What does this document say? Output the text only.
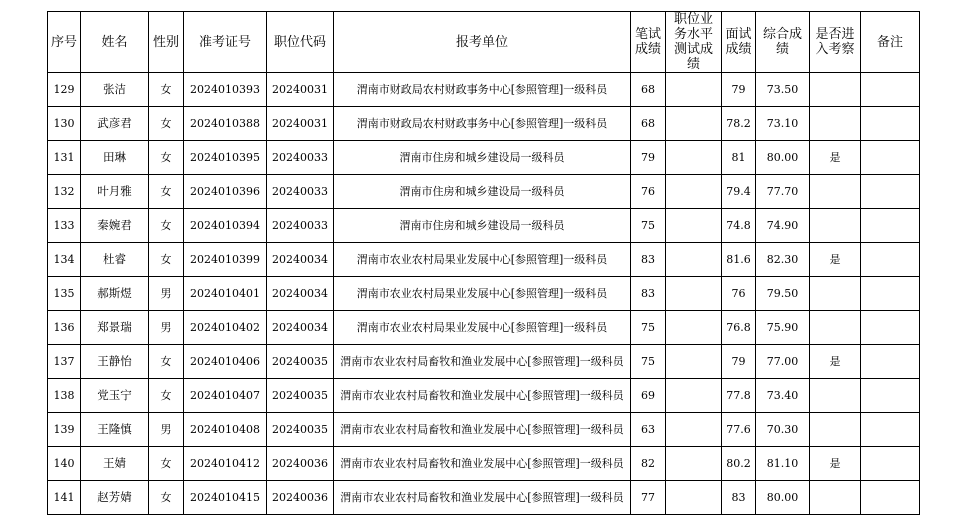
序号	姓名	性别	准考证号	职位代码	报考单位	笔试成绩	职位业务水平测试成绩	面试成绩	综合成绩	是否进入考察	备注
129	张洁	女	2024010393	20240031	渭南市财政局农村财政事务中心[参照管理]一级科员	68		79	73.50		
130	武彦君	女	2024010388	20240031	渭南市财政局农村财政事务中心[参照管理]一级科员	68		78.2	73.10		
131	田琳	女	2024010395	20240033	渭南市住房和城乡建设局一级科员	79		81	80.00	是	
132	叶月雅	女	2024010396	20240033	渭南市住房和城乡建设局一级科员	76		79.4	77.70		
133	秦婉君	女	2024010394	20240033	渭南市住房和城乡建设局一级科员	75		74.8	74.90		
134	杜睿	女	2024010399	20240034	渭南市农业农村局果业发展中心[参照管理]一级科员	83		81.6	82.30	是	
135	郝斯煜	男	2024010401	20240034	渭南市农业农村局果业发展中心[参照管理]一级科员	83		76	79.50		
136	郑景瑞	男	2024010402	20240034	渭南市农业农村局果业发展中心[参照管理]一级科员	75		76.8	75.90		
137	王静怡	女	2024010406	20240035	渭南市农业农村局畜牧和渔业发展中心[参照管理]一级科员	75		79	77.00	是	
138	党玉宁	女	2024010407	20240035	渭南市农业农村局畜牧和渔业发展中心[参照管理]一级科员	69		77.8	73.40		
139	王隆慎	男	2024010408	20240035	渭南市农业农村局畜牧和渔业发展中心[参照管理]一级科员	63		77.6	70.30		
140	王婧	女	2024010412	20240036	渭南市农业农村局畜牧和渔业发展中心[参照管理]一级科员	82		80.2	81.10	是	
141	赵芳婧	女	2024010415	20240036	渭南市农业农村局畜牧和渔业发展中心[参照管理]一级科员	77		83	80.00		
